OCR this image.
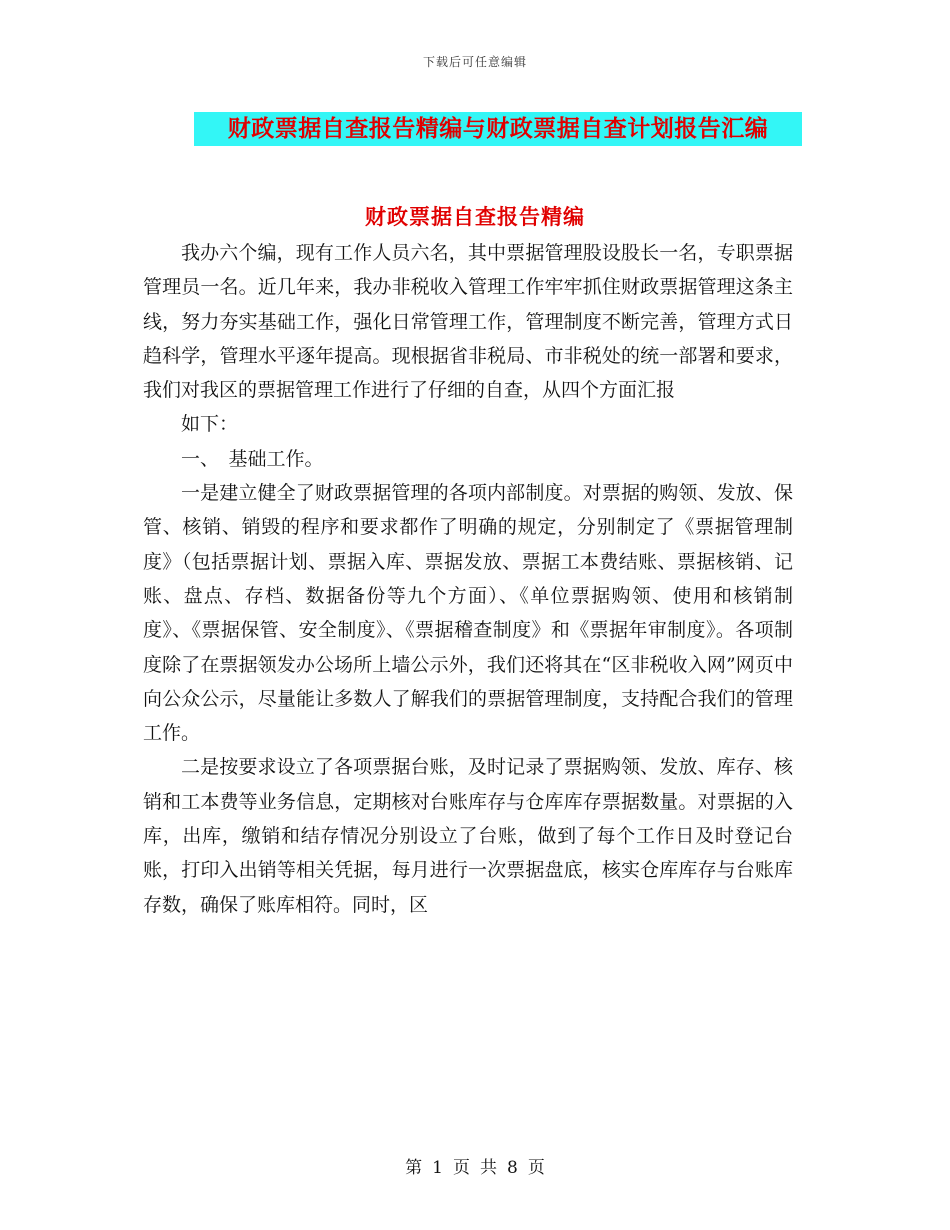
下载后可任意编辑
财政票据自查报告精编与财政票据自查计划报告汇编
财政票据自查报告精编

我办六个编，现有工作人员六名，其中票据管理股设股长一名，专职票据管理员一名。近几年来，我办非税收入管理工作牢牢抓住财政票据管理这条主线，努力夯实基础工作，强化日常管理工作，管理制度不断完善，管理方式日趋科学，管理水平逐年提高。现根据省非税局、市非税处的统一部署和要求，我们对我区的票据管理工作进行了仔细的自查，从四个方面汇报

如下：

一、　基础工作。

一是建立健全了财政票据管理的各项内部制度。对票据的购领、发放、保管、核销、销毁的程序和要求都作了明确的规定，分别制定了《票据管理制度》（包括票据计划、票据入库、票据发放、票据工本费结账、票据核销、记账、盘点、存档、数据备份等九个方面）、《单位票据购领、使用和核销制度》、《票据保管、安全制度》、《票据稽查制度》和《票据年审制度》。各项制度除了在票据领发办公场所上墙公示外，我们还将其在“区非税收入网”网页中向公众公示，尽量能让多数人了解我们的票据管理制度，支持配合我们的管理工作。

二是按要求设立了各项票据台账，及时记录了票据购领、发放、库存、核销和工本费等业务信息，定期核对台账库存与仓库库存票据数量。对票据的入库，出库，缴销和结存情况分别设立了台账，做到了每个工作日及时登记台账，打印入出销等相关凭据，每月进行一次票据盘底，核实仓库库存与台账库存数，确保了账库相符。同时，区

第 1 页 共 8 页
